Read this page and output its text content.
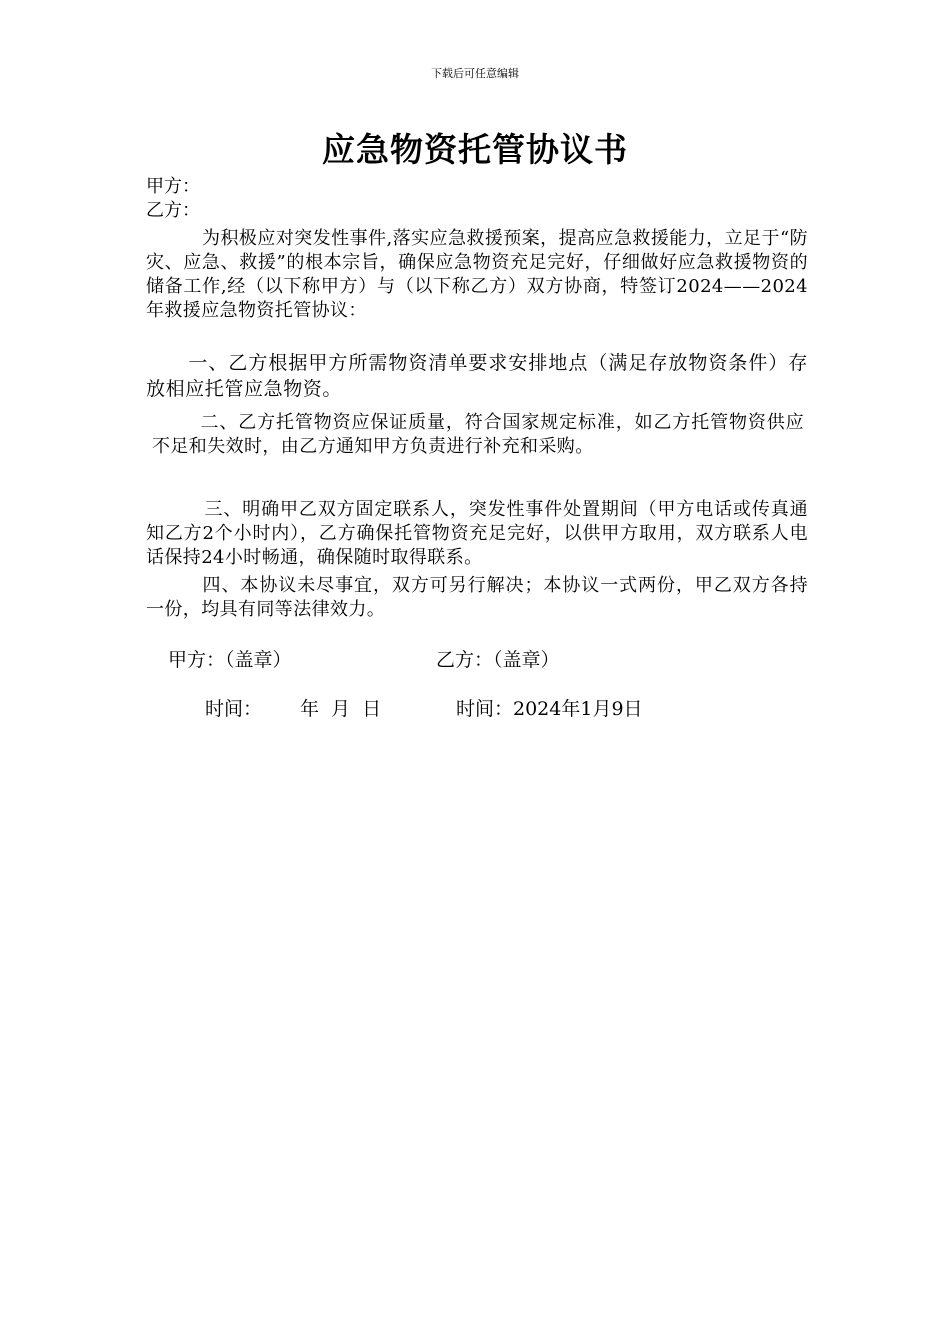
下载后可任意编辑
应急物资托管协议书
甲方：
乙方：
为积极应对突发性事件,落实应急救援预案，提高应急救援能力，立足于“防灾、应急、救援”的根本宗旨，确保应急物资充足完好，仔细做好应急救援物资的储备工作,经（以下称甲方）与（以下称乙方）双方协商，特签订2024——2024年救援应急物资托管协议：
一、乙方根据甲方所需物资清单要求安排地点（满足存放物资条件）存放相应托管应急物资。
二、乙方托管物资应保证质量，符合国家规定标准，如乙方托管物资供应不足和失效时，由乙方通知甲方负责进行补充和采购。
三、明确甲乙双方固定联系人，突发性事件处置期间（甲方电话或传真通知乙方2个小时内），乙方确保托管物资充足完好，以供甲方取用，双方联系人电话保持24小时畅通，确保随时取得联系。
四、本协议未尽事宜，双方可另行解决；本协议一式两份，甲乙双方各持一份，均具有同等法律效力。
甲方：（盖章）	乙方：（盖章）
时间： 年  月  日	时间：2024年1月9日
